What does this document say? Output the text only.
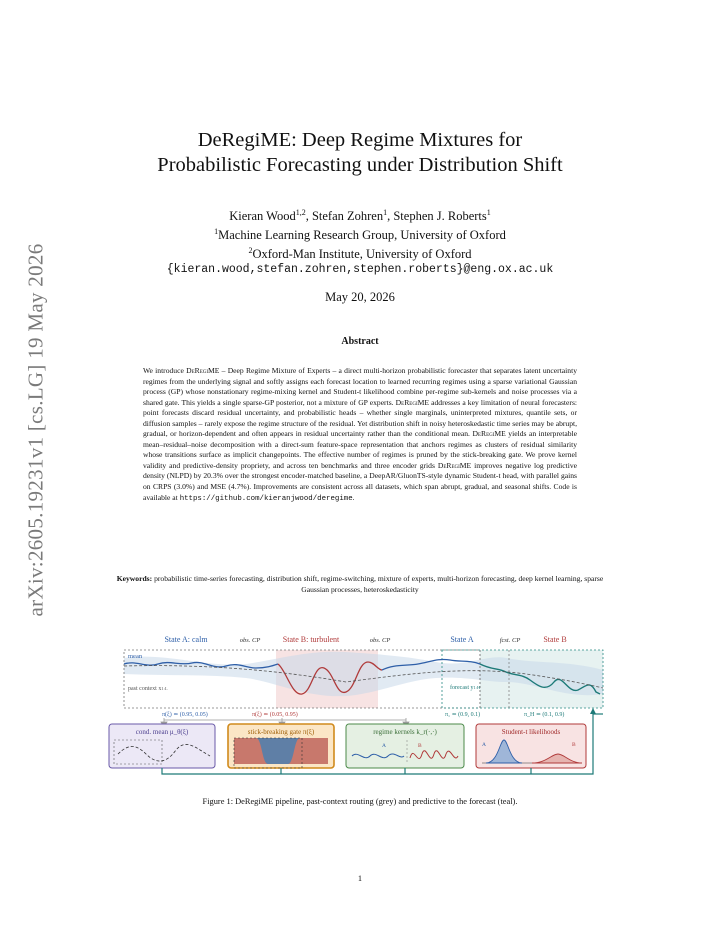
arXiv:2605.19231v1 [cs.LG] 19 May 2026
DeRegiME: Deep Regime Mixtures for
Probabilistic Forecasting under Distribution Shift
Kieran Wood$^{1,2}$, Stefan Zohren$^1$, Stephen J. Roberts$^1$
$^1$Machine Learning Research Group, University of Oxford
$^2$Oxford-Man Institute, University of Oxford
{kieran.wood,stefan.zohren,stephen.roberts}@eng.ox.ac.uk
May 20, 2026
Abstract
We introduce DeRegiME – Deep Regime Mixture of Experts – a direct multi-horizon probabilistic forecaster that separates latent uncertainty regimes from the underlying signal and softly assigns each forecast location to learned recurring regimes using a sparse variational Gaussian process (GP) whose nonstationary regime-mixing kernel and Student-t likelihood combine per-regime sub-kernels and noise processes via a shared gate. This yields a single sparse-GP posterior, not a mixture of GP experts. DeRegiME addresses a key limitation of neural forecasters: point forecasts discard residual uncertainty, and probabilistic heads – whether single marginals, uninterpreted mixtures, quantile sets, or diffusion samples – rarely expose the regime structure of the residual. Yet distribution shift in noisy heteroskedastic time series may be abrupt, gradual, or horizon-dependent and often appears in residual uncertainty rather than the conditional mean. DeRegiME yields an interpretable mean–residual–noise decomposition with a direct-sum feature-space representation that anchors regimes as clusters of residual similarity whose transitions surface as implicit changepoints. The effective number of regimes is pruned by the stick-breaking gate. We prove kernel validity and predictive-density propriety, and across ten benchmarks and three encoder grids DeRegiME improves negative log predictive density (NLPD) by 20.3% over the strongest encoder-matched baseline, a DeepAR/GluonTS-style dynamic Student-t head, with parallel gains on CRPS (3.0%) and MSE (4.7%). Improvements are consistent across all datasets, which span abrupt, gradual, and seasonal shifts. Code is available at https://github.com/kieranjwood/deregime.
Keywords: probabilistic time-series forecasting, distribution shift, regime-switching, mixture of experts, multi-horizon forecasting, deep kernel learning, sparse Gaussian processes, heteroskedasticity
State A: calm	obs. CP	State B: turbulent	obs. CP	State A	fcst. CP	State B
mean
past context x1:L	forecast y1:H
π(ξ) ≃ (0.95, 0.05)	π(ξ) ≃ (0.05, 0.95)	π₁ ≃ (0.9, 0.1)	π_H ≃ (0.1, 0.9)
cond. mean μ_θ(ξ)	stick-breaking gate π(ξ)	regime kernels k_r(·,·)
A	B
Student-t likelihoods
A	B
Figure 1: DeRegiME pipeline, past-context routing (grey) and predictive to the forecast (teal).
1
